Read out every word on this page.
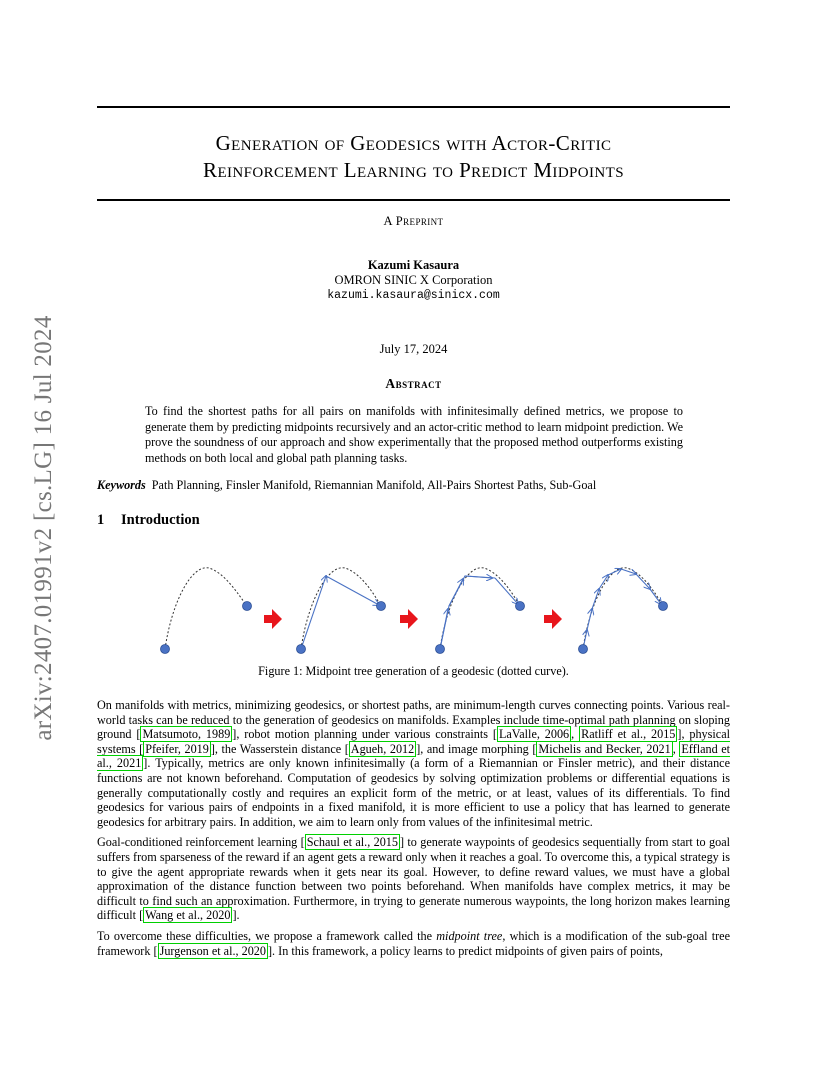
arXiv:2407.01991v2 [cs.LG] 16 Jul 2024
Generation of Geodesics with Actor-Critic
Reinforcement Learning to Predict Midpoints
A Preprint
Kazumi Kasaura
OMRON SINIC X Corporation
kazumi.kasaura@sinicx.com
July 17, 2024
Abstract
To find the shortest paths for all pairs on manifolds with infinitesimally defined metrics, we propose to generate them by predicting midpoints recursively and an actor-critic method to learn midpoint prediction. We prove the soundness of our approach and show experimentally that the proposed method outperforms existing methods on both local and global path planning tasks.
Keywords Path Planning, Finsler Manifold, Riemannian Manifold, All-Pairs Shortest Paths, Sub-Goal
1 Introduction
Figure 1: Midpoint tree generation of a geodesic (dotted curve).

On manifolds with metrics, minimizing geodesics, or shortest paths, are minimum-length curves connecting points. Various real-world tasks can be reduced to the generation of geodesics on manifolds. Examples include time-optimal path planning on sloping ground [ Matsumoto, 1989 ], robot motion planning under various constraints [ LaValle, 2006 , Ratliff et al., 2015 ], physical systems [ Pfeifer, 2019 ], the Wasserstein distance [ Agueh, 2012 ], and image morphing [ Michelis and Becker, 2021 , Effland et al., 2021 ]. Typically, metrics are only known infinitesimally (a form of a Riemannian or Finsler metric), and their distance functions are not known beforehand. Computation of geodesics by solving optimization problems or differential equations is generally computationally costly and requires an explicit form of the metric, or at least, values of its differentials. To find geodesics for various pairs of endpoints in a fixed manifold, it is more efficient to use a policy that has learned to generate geodesics for arbitrary pairs. In addition, we aim to learn only from values of the infinitesimal metric.

Goal-conditioned reinforcement learning [ Schaul et al., 2015 ] to generate waypoints of geodesics sequentially from start to goal suffers from sparseness of the reward if an agent gets a reward only when it reaches a goal. To overcome this, a typical strategy is to give the agent appropriate rewards when it gets near its goal. However, to define reward values, we must have a global approximation of the distance function between two points beforehand. When manifolds have complex metrics, it may be difficult to find such an approximation. Furthermore, in trying to generate numerous waypoints, the long horizon makes learning difficult [ Wang et al., 2020 ].

To overcome these difficulties, we propose a framework called the midpoint tree, which is a modification of the sub-goal tree framework [ Jurgenson et al., 2020 ]. In this framework, a policy learns to predict midpoints of given pairs of points,
